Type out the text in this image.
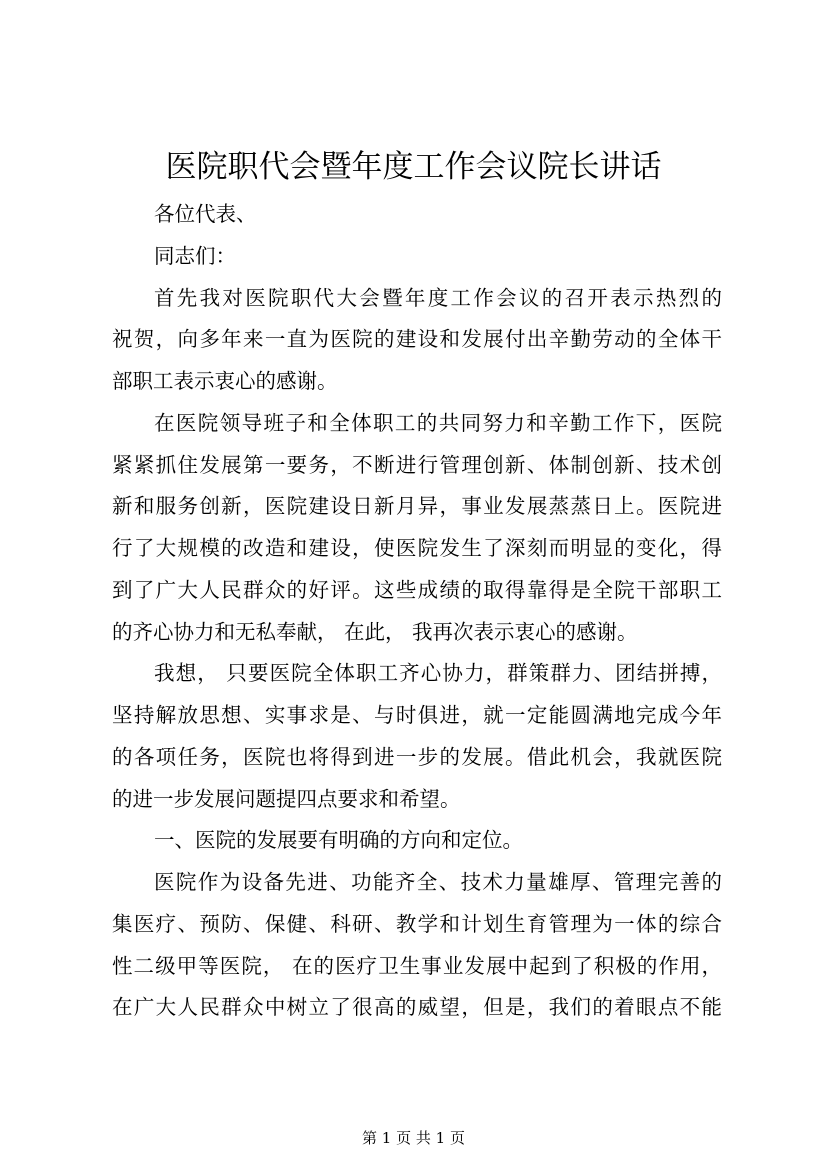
医院职代会暨年度工作会议院长讲话
各位代表、
同志们：
首先我对医院职代大会暨年度工作会议的召开表示热烈的
祝贺，向多年来一直为医院的建设和发展付出辛勤劳动的全体干
部职工表示衷心的感谢。
在医院领导班子和全体职工的共同努力和辛勤工作下，医院
紧紧抓住发展第一要务，不断进行管理创新、体制创新、技术创
新和服务创新，医院建设日新月异，事业发展蒸蒸日上。医院进
行了大规模的改造和建设，使医院发生了深刻而明显的变化，得
到了广大人民群众的好评。这些成绩的取得靠得是全院干部职工
的齐心协力和无私奉献， 在此， 我再次表示衷心的感谢。
我想， 只要医院全体职工齐心协力，群策群力、团结拼搏，
坚持解放思想、实事求是、与时俱进，就一定能圆满地完成今年
的各项任务，医院也将得到进一步的发展。借此机会，我就医院
的进一步发展问题提四点要求和希望。
一、医院的发展要有明确的方向和定位。
医院作为设备先进、功能齐全、技术力量雄厚、管理完善的
集医疗、预防、保健、科研、教学和计划生育管理为一体的综合
性二级甲等医院， 在的医疗卫生事业发展中起到了积极的作用，
在广大人民群众中树立了很高的威望，但是，我们的着眼点不能
第 1 页 共 1 页
